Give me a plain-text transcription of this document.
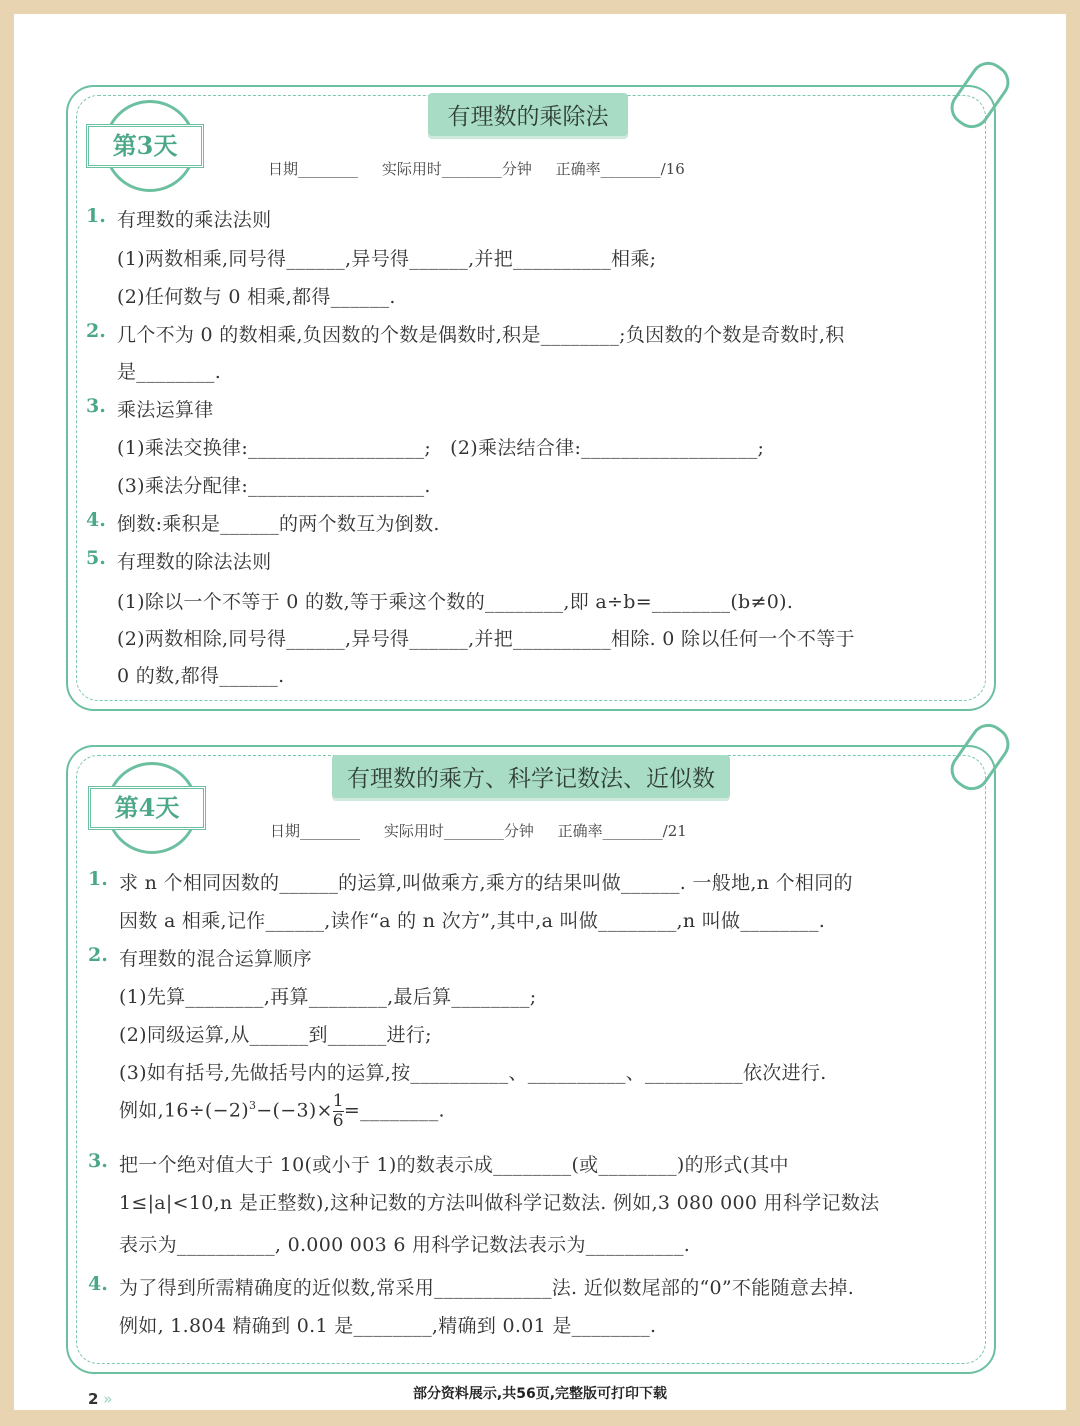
有理数的乘除法
第3天
日期________     实际用时________分钟     正确率________/16
1. 有理数的乘法法则
(1)两数相乘,同号得______,异号得______,并把__________相乘;
(2)任何数与 0 相乘,都得______.
2. 几个不为 0 的数相乘,负因数的个数是偶数时,积是________;负因数的个数是奇数时,积
是________.
3. 乘法运算律
(1)乘法交换律:__________________;   (2)乘法结合律:__________________;
(3)乘法分配律:__________________.
4. 倒数:乘积是______的两个数互为倒数.
5. 有理数的除法法则
(1)除以一个不等于 0 的数,等于乘这个数的________,即 a÷b=________(b≠0).
(2)两数相除,同号得______,异号得______,并把__________相除. 0 除以任何一个不等于
0 的数,都得______.
有理数的乘方、科学记数法、近似数
第4天
日期________     实际用时________分钟     正确率________/21
1. 求 n 个相同因数的______的运算,叫做乘方,乘方的结果叫做______. 一般地,n 个相同的
因数 a 相乘,记作______,读作“a 的 n 次方”,其中,a 叫做________,n 叫做________.
2. 有理数的混合运算顺序
(1)先算________,再算________,最后算________;
(2)同级运算,从______到______进行;
(3)如有括号,先做括号内的运算,按__________、__________、__________依次进行.
例如$,16\div(-2)^3-(-3)\times \frac{1}{6}$ =________.
3. 把一个绝对值大于 10(或小于 1)的数表示成________(或________)的形式(其中
1≤|a|<10,n 是正整数),这种记数的方法叫做科学记数法. 例如,3 080 000 用科学记数法
表示为__________, 0.000 003 6 用科学记数法表示为__________.
4. 为了得到所需精确度的近似数,常采用____________法. 近似数尾部的“0”不能随意去掉.
例如, 1.804 精确到 0.1 是________,精确到 0.01 是________.
2 »	部分资料展示,共56页,完整版可打印下载
